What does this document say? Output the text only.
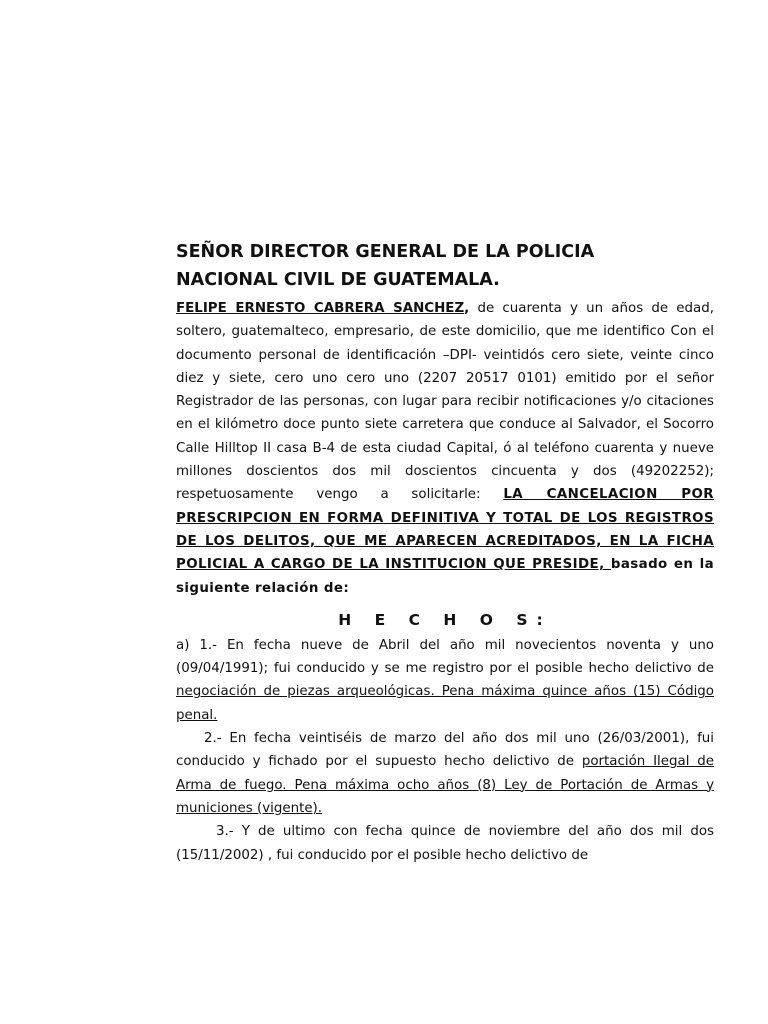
SEÑOR DIRECTOR GENERAL DE LA POLICIA

NACIONAL CIVIL DE GUATEMALA.

FELIPE ERNESTO CABRERA SANCHEZ, de cuarenta y un años de edad, soltero, guatemalteco, empresario, de este domicilio, que me identifico Con el documento personal de identificación –DPI- veintidós cero siete, veinte cinco diez y siete, cero uno cero uno (2207 20517 0101) emitido por el señor Registrador de las personas, con lugar para recibir notificaciones y/o citaciones en el kilómetro doce punto siete carretera que conduce al Salvador, el Socorro Calle Hilltop II casa B-4 de esta ciudad Capital, ó al teléfono cuarenta y nueve millones doscientos dos mil doscientos cincuenta y dos (49202252); respetuosamente vengo a solicitarle: LA CANCELACION POR PRESCRIPCION EN FORMA DEFINITIVA Y TOTAL DE LOS REGISTROS DE LOS DELITOS, QUE ME APARECEN ACREDITADOS, EN LA FICHA POLICIAL A CARGO DE LA INSTITUCION QUE PRESIDE, basado en la siguiente relación de:

H E C H O S:

a) 1.- En fecha nueve de Abril del año mil novecientos noventa y uno (09/04/1991); fui conducido y se me registro por el posible hecho delictivo de negociación de piezas arqueológicas. Pena máxima quince años (15) Código penal.

2.- En fecha veintiséis de marzo del año dos mil uno (26/03/2001), fui conducido y fichado por el supuesto hecho delictivo de portación Ilegal de Arma de fuego. Pena máxima ocho años (8) Ley de Portación de Armas y municiones (vigente).

3.- Y de ultimo con fecha quince de noviembre del año dos mil dos (15/11/2002) , fui conducido por el posible hecho delictivo de
